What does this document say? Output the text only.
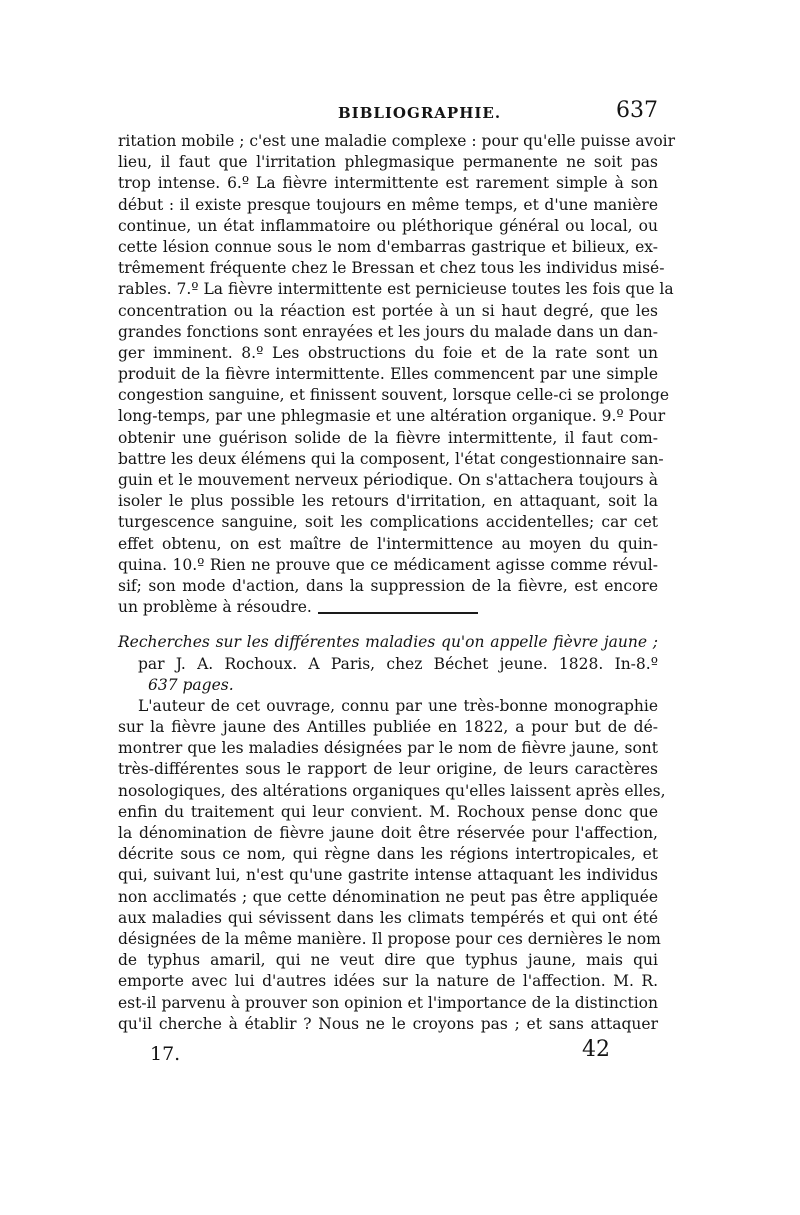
BIBLIOGRAPHIE.	637
ritation mobile ; c'est une maladie complexe : pour qu'elle puisse avoir
lieu, il faut que l'irritation phlegmasique permanente ne soit pas
trop intense. 6.º La fièvre intermittente est rarement simple à son
début : il existe presque toujours en même temps, et d'une manière
continue, un état inflammatoire ou pléthorique général ou local, ou
cette lésion connue sous le nom d'embarras gastrique et bilieux, ex-
trêmement fréquente chez le Bressan et chez tous les individus misé-
rables. 7.º La fièvre intermittente est pernicieuse toutes les fois que la
concentration ou la réaction est portée à un si haut degré, que les
grandes fonctions sont enrayées et les jours du malade dans un dan-
ger imminent. 8.º Les obstructions du foie et de la rate sont un
produit de la fièvre intermittente. Elles commencent par une simple
congestion sanguine, et finissent souvent, lorsque celle-ci se prolonge
long-temps, par une phlegmasie et une altération organique. 9.º Pour
obtenir une guérison solide de la fièvre intermittente, il faut com-
battre les deux élémens qui la composent, l'état congestionnaire san-
guin et le mouvement nerveux périodique. On s'attachera toujours à
isoler le plus possible les retours d'irritation, en attaquant, soit la
turgescence sanguine, soit les complications accidentelles; car cet
effet obtenu, on est maître de l'intermittence au moyen du quin-
quina. 10.º Rien ne prouve que ce médicament agisse comme révul-
sif; son mode d'action, dans la suppression de la fièvre, est encore
un problème à résoudre.
Recherches sur les différentes maladies qu'on appelle fièvre jaune ;
par J. A. Rochoux. A Paris, chez Béchet jeune. 1828. In-8.º
637 pages.
L'auteur de cet ouvrage, connu par une très-bonne monographie
sur la fièvre jaune des Antilles publiée en 1822, a pour but de dé-
montrer que les maladies désignées par le nom de fièvre jaune, sont
très-différentes sous le rapport de leur origine, de leurs caractères
nosologiques, des altérations organiques qu'elles laissent après elles,
enfin du traitement qui leur convient. M. Rochoux pense donc que
la dénomination de fièvre jaune doit être réservée pour l'affection,
décrite sous ce nom, qui règne dans les régions intertropicales, et
qui, suivant lui, n'est qu'une gastrite intense attaquant les individus
non acclimatés ; que cette dénomination ne peut pas être appliquée
aux maladies qui sévissent dans les climats tempérés et qui ont été
désignées de la même manière. Il propose pour ces dernières le nom
de typhus amaril, qui ne veut dire que typhus jaune, mais qui
emporte avec lui d'autres idées sur la nature de l'affection. M. R.
est-il parvenu à prouver son opinion et l'importance de la distinction
qu'il cherche à établir ? Nous ne le croyons pas ; et sans attaquer
17.	42
